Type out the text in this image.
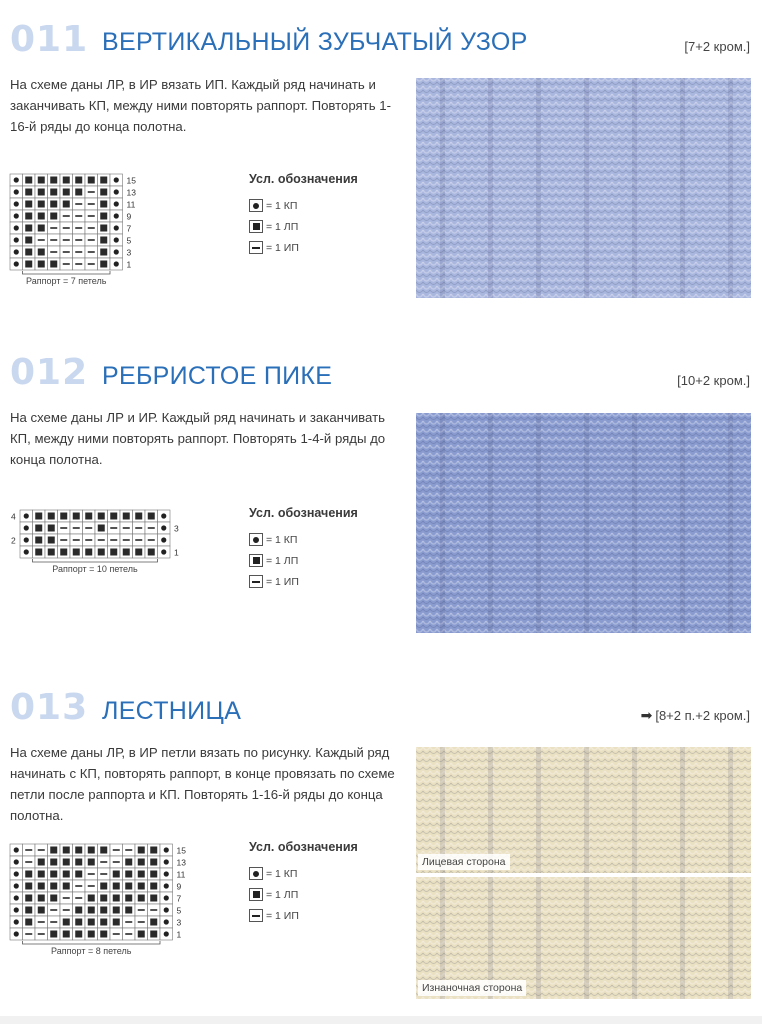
011 ВЕРТИКАЛЬНЫЙ ЗУБЧАТЫЙ УЗОР	[7+2 кром.]
На схеме даны ЛР, в ИР вязать ИП. Каждый ряд начинать и заканчивать КП, между ними повторять раппорт. Повторять 1-16-й ряды до конца полотна.
15
13
11
9
7
5
3
1
Раппорт = 7 петель
Усл. обозначения
= 1 КП
= 1 ЛП
= 1 ИП
012 РЕБРИСТОЕ ПИКЕ	[10+2 кром.]
На схеме даны ЛР и ИР. Каждый ряд начинать и заканчивать КП, между ними повторять раппорт. Повторять 1-4-й ряды до конца полотна.
4
3
2
1
Раппорт = 10 петель
Усл. обозначения
= 1 КП
= 1 ЛП
= 1 ИП
013 ЛЕСТНИЦА	➡ [8+2 п.+2 кром.]
На схеме даны ЛР, в ИР петли вязать по рисунку. Каждый ряд начинать с КП, повторять раппорт, в конце провязать по схеме петли после раппорта и КП. Повторять 1-16-й ряды до конца полотна.
15
13
11
9
7
5
3
1
Раппорт = 8 петель
Усл. обозначения
= 1 КП
= 1 ЛП
= 1 ИП
Лицевая сторона
Изнаночная сторона
